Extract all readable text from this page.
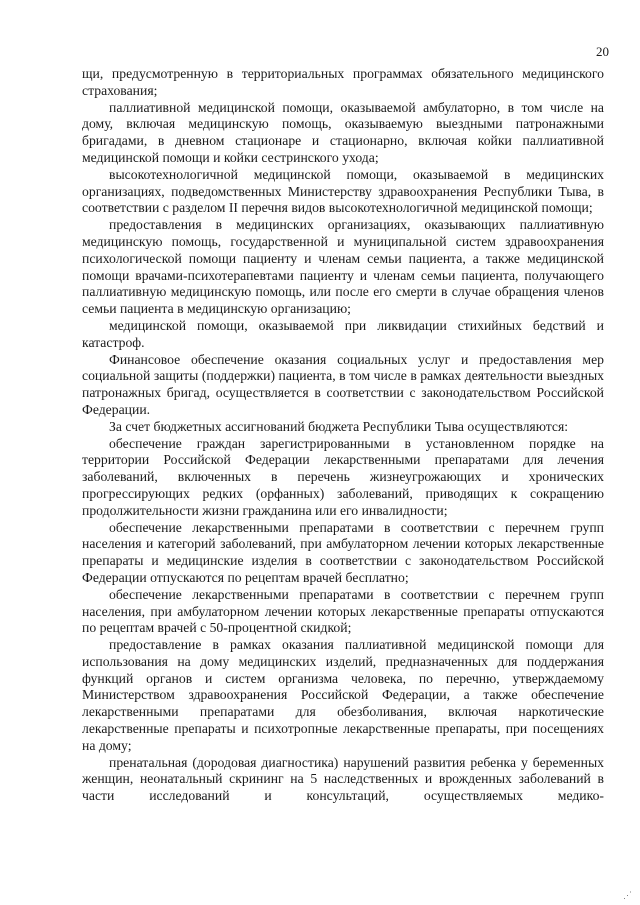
20

щи, предусмотренную в территориальных программах обязательного медицинского страхования;

паллиативной медицинской помощи, оказываемой амбулаторно, в том числе на дому, включая медицинскую помощь, оказываемую выездными патронажными бригадами, в дневном стационаре и стационарно, включая койки паллиативной медицинской помощи и койки сестринского ухода;

высокотехнологичной медицинской помощи, оказываемой в медицинских организациях, подведомственных Министерству здравоохранения Республики Тыва, в соответствии с разделом II перечня видов высокотехнологичной медицинской помощи;

предоставления в медицинских организациях, оказывающих паллиативную медицинскую помощь, государственной и муниципальной систем здравоохранения психологической помощи пациенту и членам семьи пациента, а также медицинской помощи врачами-психотерапевтами пациенту и членам семьи пациента, получающего паллиативную медицинскую помощь, или после его смерти в случае обращения членов семьи пациента в медицинскую организацию;

медицинской помощи, оказываемой при ликвидации стихийных бедствий и катастроф.

Финансовое обеспечение оказания социальных услуг и предоставления мер социальной защиты (поддержки) пациента, в том числе в рамках деятельности выездных патронажных бригад, осуществляется в соответствии с законодательством Российской Федерации.

За счет бюджетных ассигнований бюджета Республики Тыва осуществляются:

обеспечение граждан зарегистрированными в установленном порядке на территории Российской Федерации лекарственными препаратами для лечения заболеваний, включенных в перечень жизнеугрожающих и хронических прогрессирующих редких (орфанных) заболеваний, приводящих к сокращению продолжительности жизни гражданина или его инвалидности;

обеспечение лекарственными препаратами в соответствии с перечнем групп населения и категорий заболеваний, при амбулаторном лечении которых лекарственные препараты и медицинские изделия в соответствии с законодательством Российской Федерации отпускаются по рецептам врачей бесплатно;

обеспечение лекарственными препаратами в соответствии с перечнем групп населения, при амбулаторном лечении которых лекарственные препараты отпускаются по рецептам врачей с 50-процентной скидкой;

предоставление в рамках оказания паллиативной медицинской помощи для использования на дому медицинских изделий, предназначенных для поддержания функций органов и систем организма человека, по перечню, утверждаемому Министерством здравоохранения Российской Федерации, а также обеспечение лекарственными препаратами для обезболивания, включая наркотические лекарственные препараты и психотропные лекарственные препараты, при посещениях на дому;

пренатальная (дородовая диагностика) нарушений развития ребенка у беременных женщин, неонатальный скрининг на 5 наследственных и врожденных заболеваний в части исследований и консультаций, осуществляемых медико-

⋰
